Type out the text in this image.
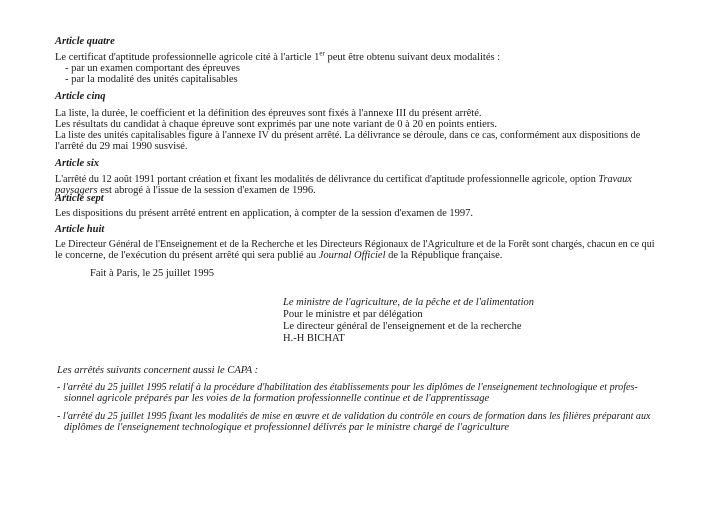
Article quatre
Le certificat d'aptitude professionnelle agricole cité à l'article 1er peut être obtenu suivant deux modalités :
- par un examen comportant des épreuves
- par la modalité des unités capitalisables
Article cinq
La liste, la durée, le coefficient et la définition des épreuves sont fixés à l'annexe III du présent arrêté.
Les résultats du candidat à chaque épreuve sont exprimés par une note variant de 0 à 20 en points entiers.
La liste des unités capitalisables figure à l'annexe IV du présent arrêté. La délivrance se déroule, dans ce cas, conformément aux dispositions de
l'arrêté du 29 mai 1990 susvisé.
Article six
L'arrêté du 12 août 1991 portant création et fixant les modalités de délivrance du certificat d'aptitude professionnelle agricole, option Travaux
paysagers est abrogé à l'issue de la session d'examen de 1996.
Article sept
Les dispositions du présent arrêté entrent en application, à compter de la session d'examen de 1997.
Article huit
Le Directeur Général de l'Enseignement et de la Recherche et les Directeurs Régionaux de l'Agriculture et de la Forêt sont chargés, chacun en ce qui
le concerne, de l'exécution du présent arrêté qui sera publié au Journal Officiel de la République française.
Fait à Paris, le 25 juillet 1995
Le ministre de l'agriculture, de la pêche et de l'alimentation
Pour le ministre et par délégation
Le directeur général de l'enseignement et de la recherche
H.-H BICHAT
Les arrêtés suivants concernent aussi le CAPA :
- l'arrêté du 25 juillet 1995 relatif à la procédure d'habilitation des établissements pour les diplômes de l'enseignement technologique et profes-
sionnel agricole préparés par les voies de la formation professionnelle continue et de l'apprentissage
- l'arrêté du 25 juillet 1995 fixant les modalités de mise en œuvre et de validation du contrôle en cours de formation dans les filières préparant aux
diplômes de l'enseignement technologique et professionnel délivrés par le ministre chargé de l'agriculture
